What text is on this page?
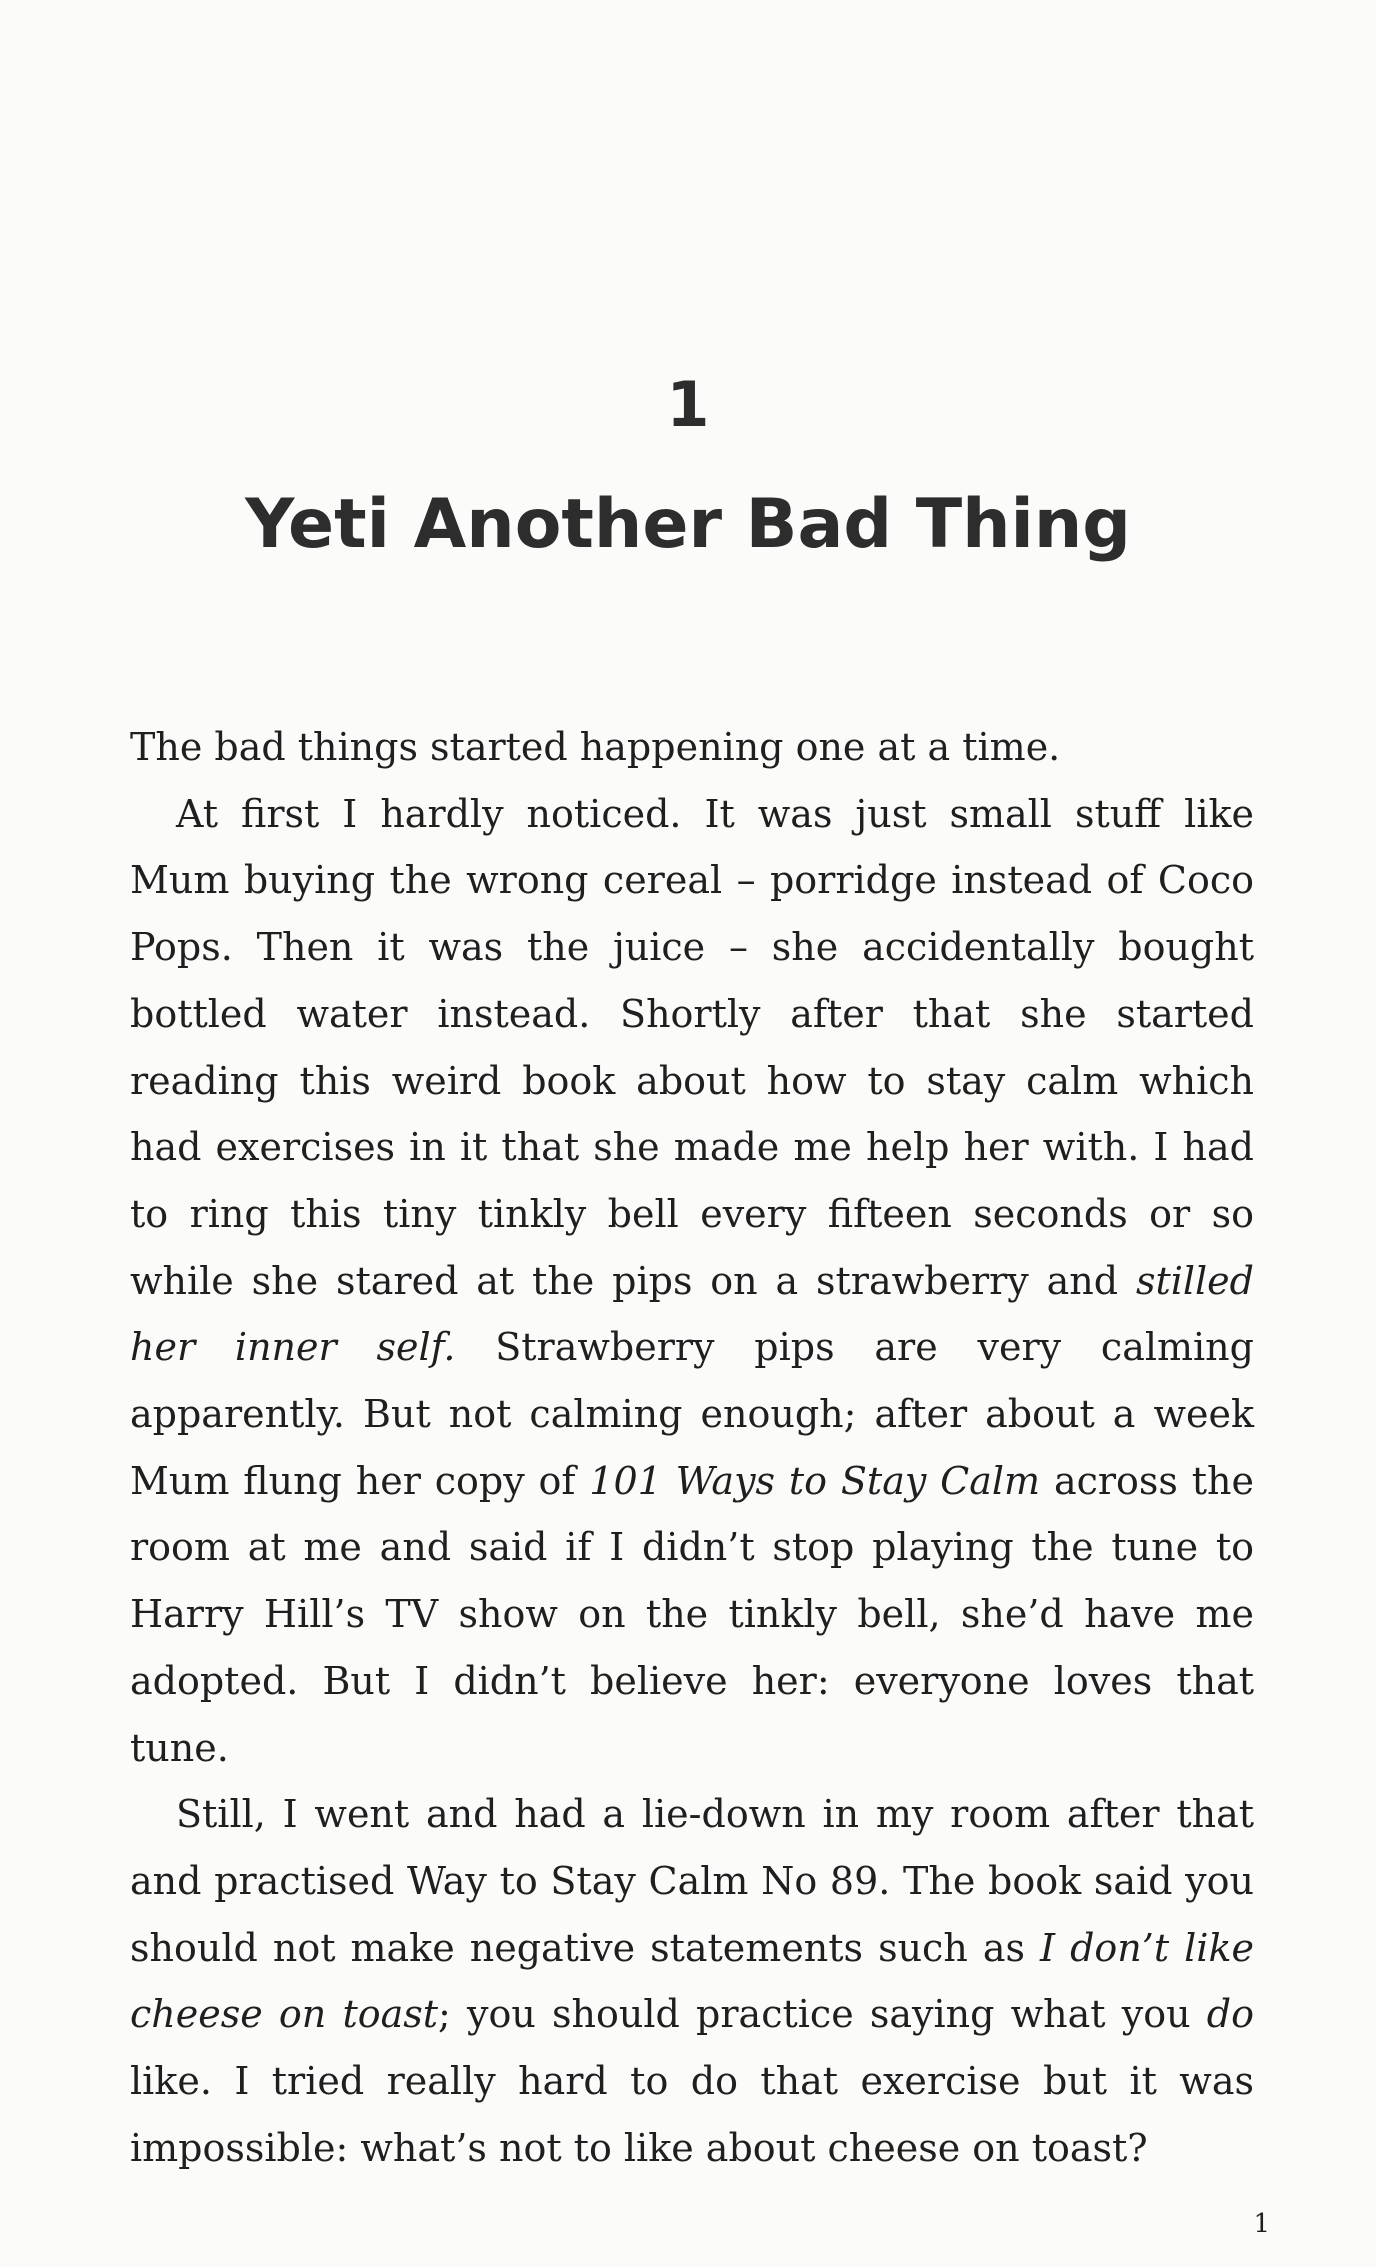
1
Yeti Another Bad Thing

The bad things started happening one at a time.

At first I hardly noticed. It was just small stuff like Mum buying the wrong cereal – porridge instead of Coco Pops. Then it was the juice – she accidentally bought bottled water instead. Shortly after that she started reading this weird book about how to stay calm which had exercises in it that she made me help her with. I had to ring this tiny tinkly bell every fifteen seconds or so while she stared at the pips on a strawberry and stilled her inner self. Strawberry pips are very calming apparently. But not calming enough; after about a week Mum flung her copy of 101 Ways to Stay Calm across the room at me and said if I didn’t stop playing the tune to Harry Hill’s TV show on the tinkly bell, she’d have me adopted. But I didn’t believe her: everyone loves that tune.

Still, I went and had a lie-down in my room after that and practised Way to Stay Calm No 89. The book said you should not make negative statements such as I don’t like cheese on toast; you should practice saying what you do like. I tried really hard to do that exercise but it was impossible: what’s not to like about cheese on toast?

1
